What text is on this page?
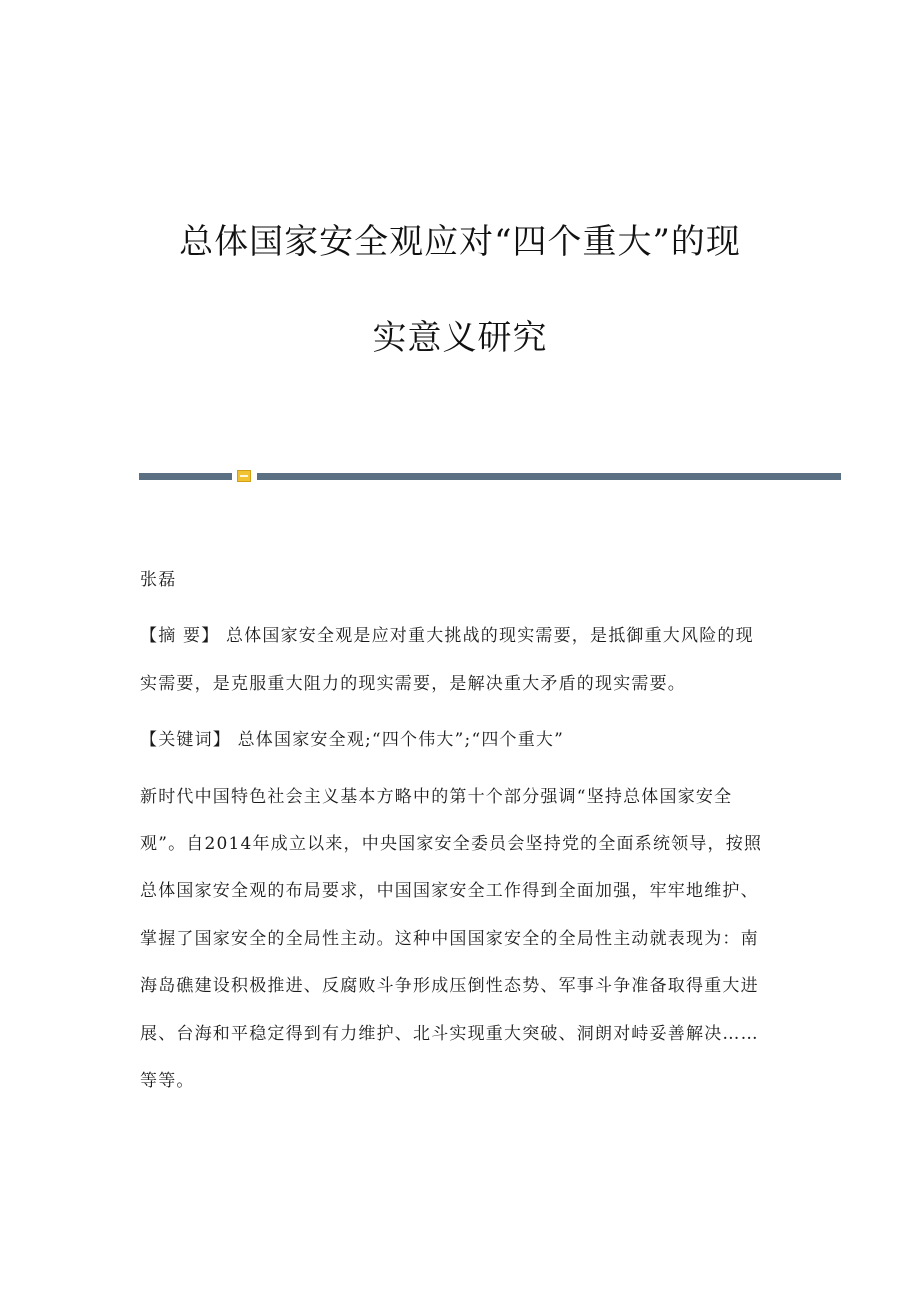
总体国家安全观应对“四个重大”的现
实意义研究
张磊
【摘 要】 总体国家安全观是应对重大挑战的现实需要，是抵御重大风险的现
实需要，是克服重大阻力的现实需要，是解决重大矛盾的现实需要。
【关键词】 总体国家安全观;“四个伟大”;“四个重大”
新时代中国特色社会主义基本方略中的第十个部分强调“坚持总体国家安全
观”。自2014年成立以来，中央国家安全委员会坚持党的全面系统领导，按照
总体国家安全观的布局要求，中国国家安全工作得到全面加强，牢牢地维护、
掌握了国家安全的全局性主动。这种中国国家安全的全局性主动就表现为：南
海岛礁建设积极推进、反腐败斗争形成压倒性态势、军事斗争准备取得重大进
展、台海和平稳定得到有力维护、北斗实现重大突破、洞朗对峙妥善解决……
等等。
